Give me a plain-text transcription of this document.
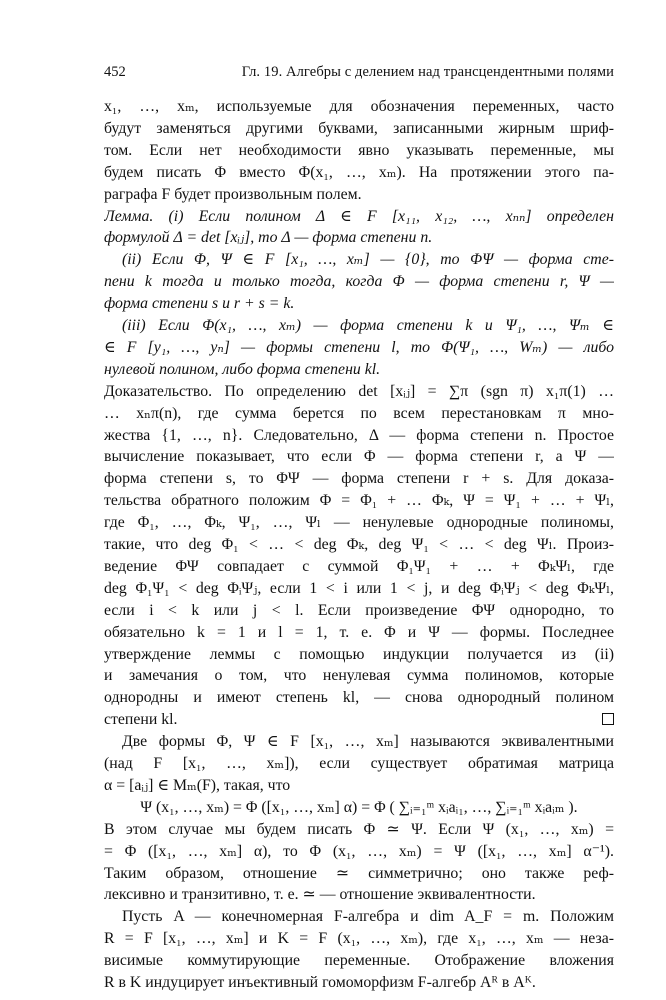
452	Гл. 19. Алгебры с делением над трансцендентными полями
x₁, …, xₘ, используемые для обозначения переменных, часто
будут заменяться другими буквами, записанными жирным шриф-
том. Если нет необходимости явно указывать переменные, мы
будем писать Φ вместо Φ(x₁, …, xₘ). На протяжении этого па-
раграфа F будет произвольным полем.
Лемма. (i) Если полином Δ ∈ F [x₁₁, x₁₂, …, xₙₙ] определен
формулой Δ = det [xᵢⱼ], то Δ — форма степени n.
(ii) Если Φ, Ψ ∈ F [x₁, …, xₘ] — {0}, то ΦΨ — форма сте-
пени k тогда и только тогда, когда Φ — форма степени r, Ψ —
форма степени s и r + s = k.
(iii) Если Φ(x₁, …, xₘ) — форма степени k и Ψ₁, …, Ψₘ ∈
∈ F [y₁, …, yₙ] — формы степени l, то Φ(Ψ₁, …, Wₘ) — либо
нулевой полином, либо форма степени kl.
Доказательство. По определению det [xᵢⱼ] = ∑π (sgn π) x₁π(1) …
… xₙπ(n), где сумма берется по всем перестановкам π мно-
жества {1, …, n}. Следовательно, Δ — форма степени n. Простое
вычисление показывает, что если Φ — форма степени r, а Ψ —
форма степени s, то ΦΨ — форма степени r + s. Для доказа-
тельства обратного положим Φ = Φ₁ + … Φₖ, Ψ = Ψ₁ + … + Ψₗ,
где Φ₁, …, Φₖ, Ψ₁, …, Ψₗ — ненулевые однородные полиномы,
такие, что deg Φ₁ < … < deg Φₖ, deg Ψ₁ < … < deg Ψₗ. Произ-
ведение ΦΨ совпадает с суммой Φ₁Ψ₁ + … + ΦₖΨₗ, где
deg Φ₁Ψ₁ < deg ΦᵢΨⱼ, если 1 < i или 1 < j, и deg ΦᵢΨⱼ < deg ΦₖΨₗ,
если i < k или j < l. Если произведение ΦΨ однородно, то
обязательно k = 1 и l = 1, т. е. Φ и Ψ — формы. Последнее
утверждение леммы с помощью индукции получается из (ii)
и замечания о том, что ненулевая сумма полиномов, которые
однородны и имеют степень kl, — снова однородный полином
степени kl.
Две формы Φ, Ψ ∈ F [x₁, …, xₘ] называются эквивалентными
(над F [x₁, …, xₘ]), если существует обратимая матрица
α = [aᵢⱼ] ∈ Mₘ(F), такая, что
Ψ (x₁, …, xₘ) = Φ ([x₁, …, xₘ] α) = Φ ( ∑ᵢ₌₁ᵐ xᵢaᵢ₁, …, ∑ᵢ₌₁ᵐ xᵢaᵢₘ ).
В этом случае мы будем писать Φ ≃ Ψ. Если Ψ (x₁, …, xₘ) =
= Φ ([x₁, …, xₘ] α), то Φ (x₁, …, xₘ) = Ψ ([x₁, …, xₘ] α⁻¹).
Таким образом, отношение ≃ симметрично; оно также реф-
лексивно и транзитивно, т. е. ≃ — отношение эквивалентности.
Пусть A — конечномерная F-алгебра и dim A_F = m. Положим
R = F [x₁, …, xₘ] и K = F (x₁, …, xₘ), где x₁, …, xₘ — неза-
висимые коммутирующие переменные. Отображение вложения
R в K индуцирует инъективный гомоморфизм F-алгебр Aᴿ в Aᴷ.
